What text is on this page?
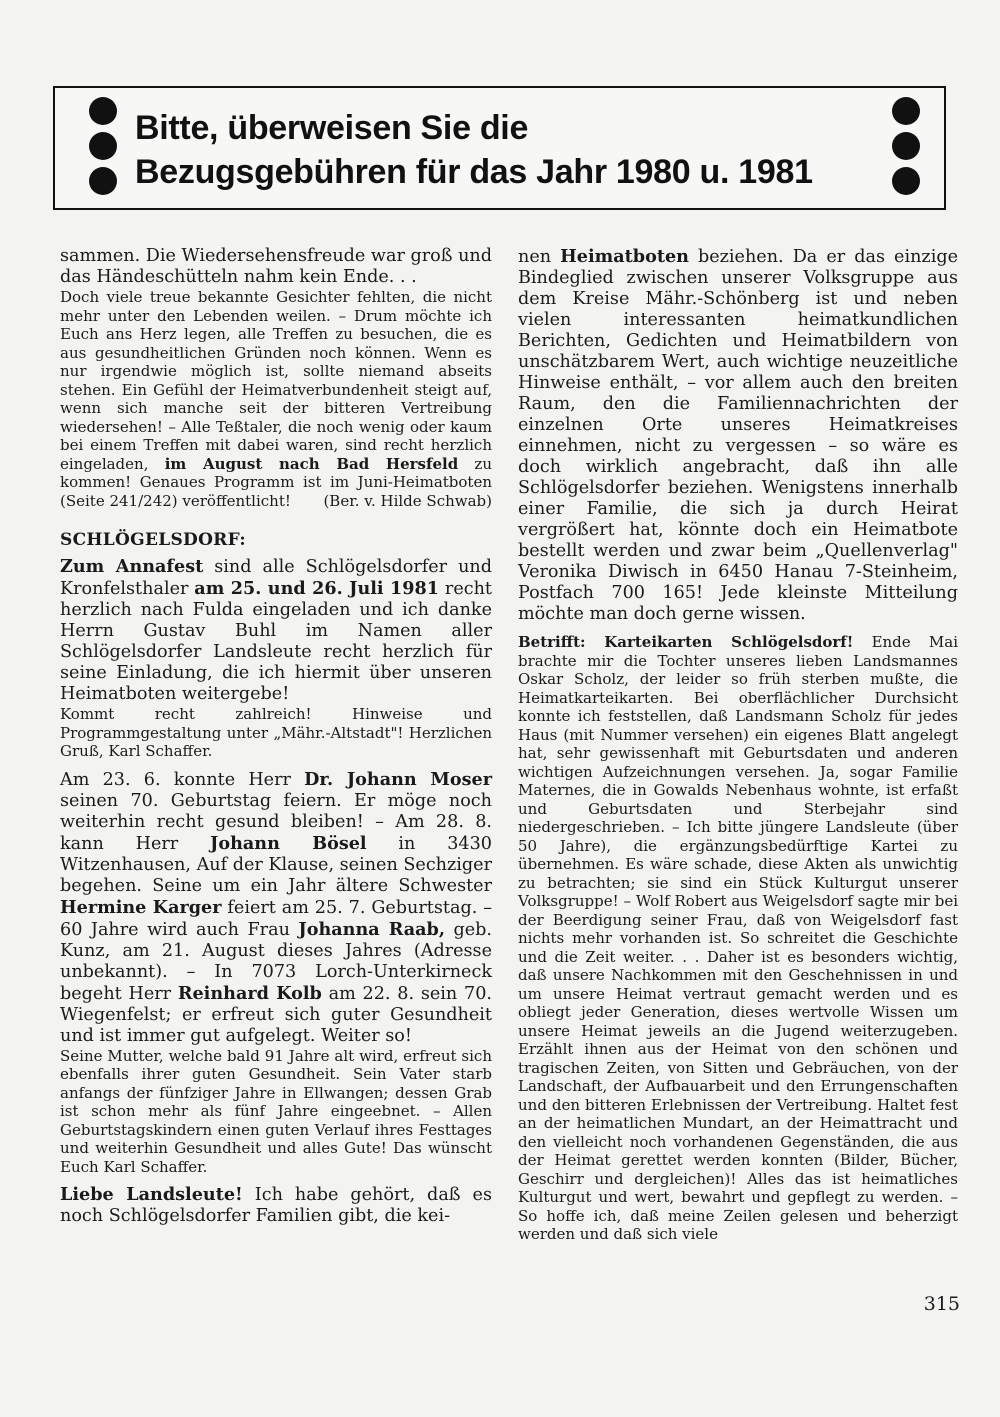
Bitte, überweisen Sie die
Bezugsgebühren für das Jahr 1980 u. 1981

sammen. Die Wiedersehensfreude war groß und das Händeschütteln nahm kein Ende. . .

Doch viele treue bekannte Gesichter fehlten, die nicht mehr unter den Lebenden weilen. – Drum möchte ich Euch ans Herz legen, alle Treffen zu besuchen, die es aus gesundheitlichen Gründen noch können. Wenn es nur irgendwie möglich ist, sollte niemand abseits stehen. Ein Gefühl der Heimatverbundenheit steigt auf, wenn sich manche seit der bitteren Vertreibung wiedersehen! – Alle Teßtaler, die noch wenig oder kaum bei einem Treffen mit dabei waren, sind recht herzlich eingeladen, im August nach Bad Hersfeld zu kommen! Genaues Programm ist im Juni-Heimatboten (Seite 241/242) veröffentlicht! (Ber. v. Hilde Schwab)

SCHLÖGELSDORF:

Zum Annafest sind alle Schlögelsdorfer und Kronfelsthaler am 25. und 26. Juli 1981 recht herzlich nach Fulda eingeladen und ich danke Herrn Gustav Buhl im Namen aller Schlögelsdorfer Landsleute recht herzlich für seine Einladung, die ich hiermit über unseren Heimatboten weitergebe!

Kommt recht zahlreich! Hinweise und Programmgestaltung unter „Mähr.-Altstadt"! Herzlichen Gruß, Karl Schaffer.

Am 23. 6. konnte Herr Dr. Johann Moser seinen 70. Geburtstag feiern. Er möge noch weiterhin recht gesund bleiben! – Am 28. 8. kann Herr Johann Bösel in 3430 Witzenhausen, Auf der Klause, seinen Sechziger begehen. Seine um ein Jahr ältere Schwester Hermine Karger feiert am 25. 7. Geburtstag. – 60 Jahre wird auch Frau Johanna Raab, geb. Kunz, am 21. August dieses Jahres (Adresse unbekannt). – In 7073 Lorch-Unterkirneck begeht Herr Reinhard Kolb am 22. 8. sein 70. Wiegenfelst; er erfreut sich guter Gesundheit und ist immer gut aufgelegt. Weiter so!

Seine Mutter, welche bald 91 Jahre alt wird, erfreut sich ebenfalls ihrer guten Gesundheit. Sein Vater starb anfangs der fünfziger Jahre in Ellwangen; dessen Grab ist schon mehr als fünf Jahre eingeebnet. – Allen Geburtstagskindern einen guten Verlauf ihres Festtages und weiterhin Gesundheit und alles Gute! Das wünscht Euch Karl Schaffer.

Liebe Landsleute! Ich habe gehört, daß es noch Schlögelsdorfer Familien gibt, die kei-

nen Heimatboten beziehen. Da er das einzige Bindeglied zwischen unserer Volksgruppe aus dem Kreise Mähr.-Schönberg ist und neben vielen interessanten heimatkundlichen Berichten, Gedichten und Heimatbildern von unschätzbarem Wert, auch wichtige neuzeitliche Hinweise enthält, – vor allem auch den breiten Raum, den die Familiennachrichten der einzelnen Orte unseres Heimatkreises einnehmen, nicht zu vergessen – so wäre es doch wirklich angebracht, daß ihn alle Schlögelsdorfer beziehen. Wenigstens innerhalb einer Familie, die sich ja durch Heirat vergrößert hat, könnte doch ein Heimatbote bestellt werden und zwar beim „Quellenverlag" Veronika Diwisch in 6450 Hanau 7-Steinheim, Postfach 700 165! Jede kleinste Mitteilung möchte man doch gerne wissen.

Betrifft: Karteikarten Schlögelsdorf! Ende Mai brachte mir die Tochter unseres lieben Landsmannes Oskar Scholz, der leider so früh sterben mußte, die Heimatkarteikarten. Bei oberflächlicher Durchsicht konnte ich feststellen, daß Landsmann Scholz für jedes Haus (mit Nummer versehen) ein eigenes Blatt angelegt hat, sehr gewissenhaft mit Geburtsdaten und anderen wichtigen Aufzeichnungen versehen. Ja, sogar Familie Maternes, die in Gowalds Nebenhaus wohnte, ist erfaßt und Geburtsdaten und Sterbejahr sind niedergeschrieben. – Ich bitte jüngere Landsleute (über 50 Jahre), die ergänzungsbedürftige Kartei zu übernehmen. Es wäre schade, diese Akten als unwichtig zu betrachten; sie sind ein Stück Kulturgut unserer Volksgruppe! – Wolf Robert aus Weigelsdorf sagte mir bei der Beerdigung seiner Frau, daß von Weigelsdorf fast nichts mehr vorhanden ist. So schreitet die Geschichte und die Zeit weiter. . . Daher ist es besonders wichtig, daß unsere Nachkommen mit den Geschehnissen in und um unsere Heimat vertraut gemacht werden und es obliegt jeder Generation, dieses wertvolle Wissen um unsere Heimat jeweils an die Jugend weiterzugeben. Erzählt ihnen aus der Heimat von den schönen und tragischen Zeiten, von Sitten und Gebräuchen, von der Landschaft, der Aufbauarbeit und den Errungenschaften und den bitteren Erlebnissen der Vertreibung. Haltet fest an der heimatlichen Mundart, an der Heimattracht und den vielleicht noch vorhandenen Gegenständen, die aus der Heimat gerettet werden konnten (Bilder, Bücher, Geschirr und dergleichen)! Alles das ist heimatliches Kulturgut und wert, bewahrt und gepflegt zu werden. – So hoffe ich, daß meine Zeilen gelesen und beherzigt werden und daß sich viele

315
